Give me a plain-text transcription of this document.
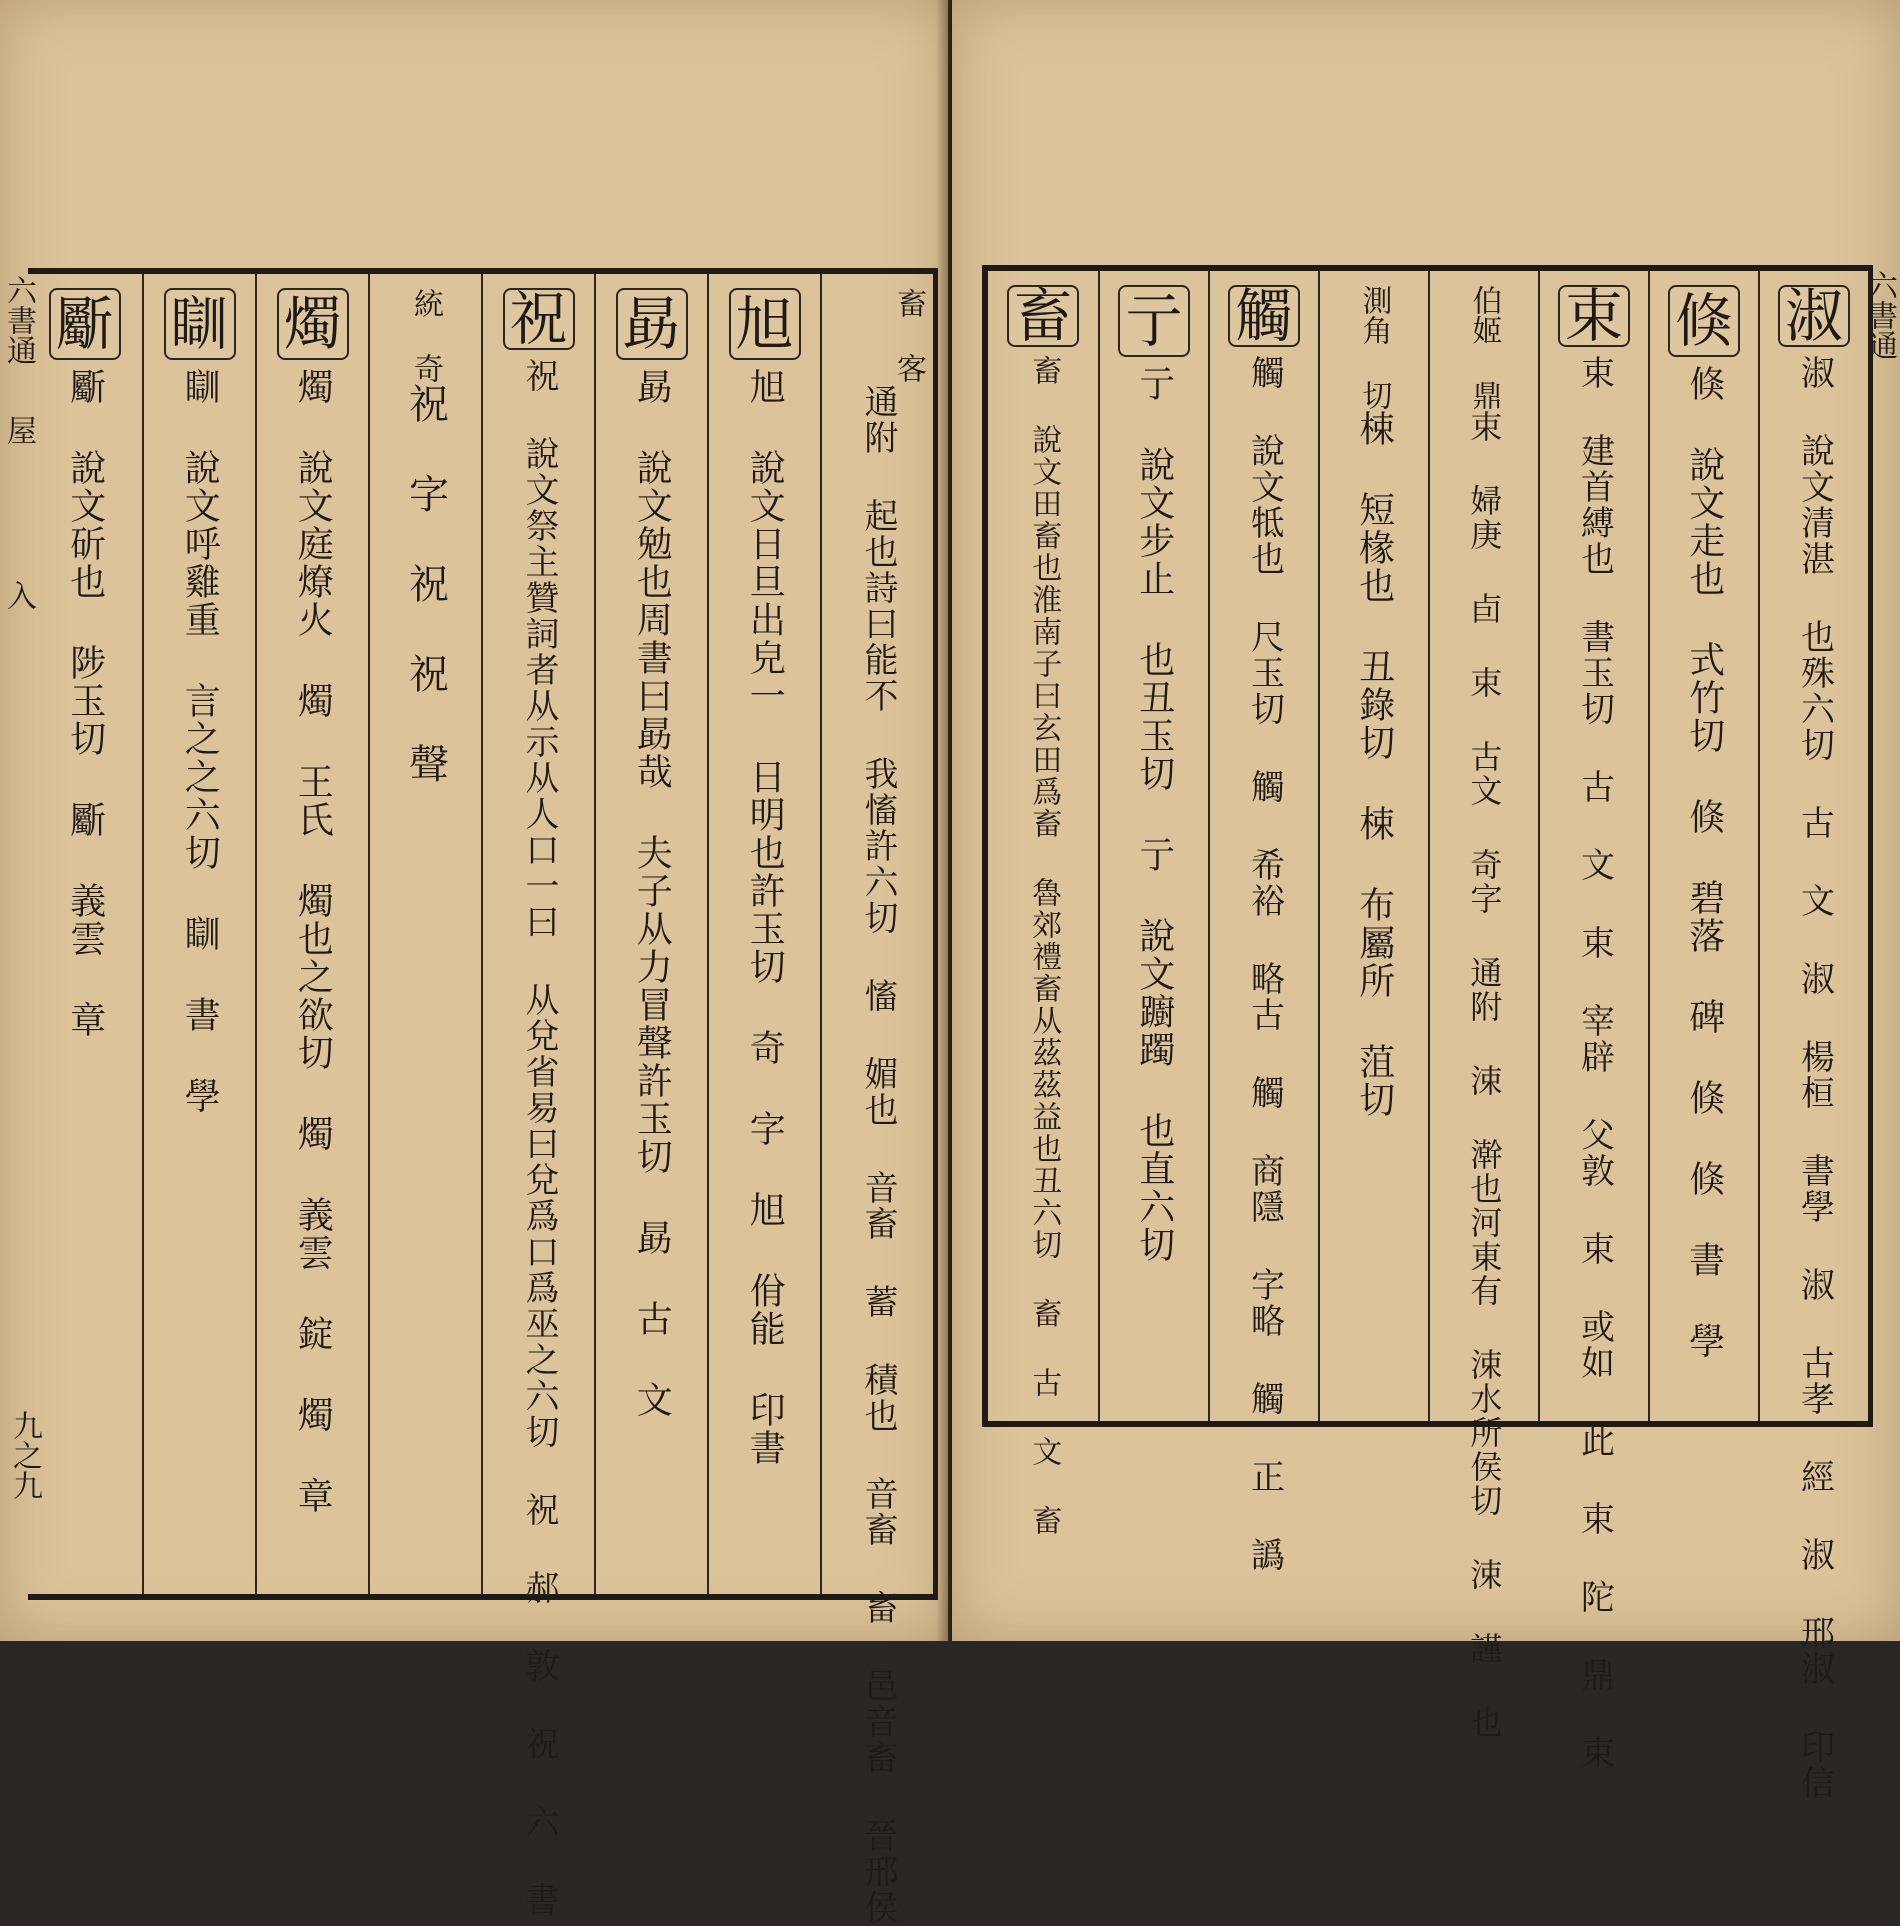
六書通
屋
入
九之九
畜 客
通附 起也詩曰能不 我慉許六切 慉 媚也 音畜 蓄 積也 音畜 畜 邑音畜 晉邢侯
旭
旭 說文日旦出皃一 日明也許玉切 奇 字 旭 佾能 印書
勗
勗 說文勉也周書曰勗哉 夫子从力冒聲許玉切 勗 古 文
祝
祝 說文祭主贊詞者从示从人口一曰 从兌省易曰兌爲口爲巫之六切 祝 郝 敦 祝 六 書
統 奇
祝 字 祝 祝 聲
燭
燭 說文庭燎火 燭 王氏 燭也之欲切 燭 義雲 錠 燭 章
瞓
瞓 說文呼雞重 言之之六切 瞓 書 學
斸
斸 說文斫也 陟玉切 斸 義雲 章
六書通
淑
淑 說文清湛 也殊六切 古 文 淑 楊桓 書學 淑 古孝 經 淑 邢淑 印信
倏
倏 說文走也 式竹切 倏 碧落 碑 倏 倏 書 學
束
束 建首縛也 書玉切 古 文 束 宰辟 父敦 束 或如 此 束 陀 鼎 束
伯姬 鼎
束 婦庚 卣 束 古文 奇字 通附 涑 澣也河東有 涑水所侯切 涑 謹 也
測角 切
梀 短椽也 丑錄切 梀 布屬所 菹切
觸
觸 說文牴也 尺玉切 觸 希裕 略古 觸 商隱 字略 觸 正 譌
亍
亍 說文步止 也丑玉切 亍 說文躕躅 也直六切
畜
畜 說文田畜也淮南子曰玄田爲畜 魯郊禮畜从茲茲益也丑六切 畜 古 文 畜
